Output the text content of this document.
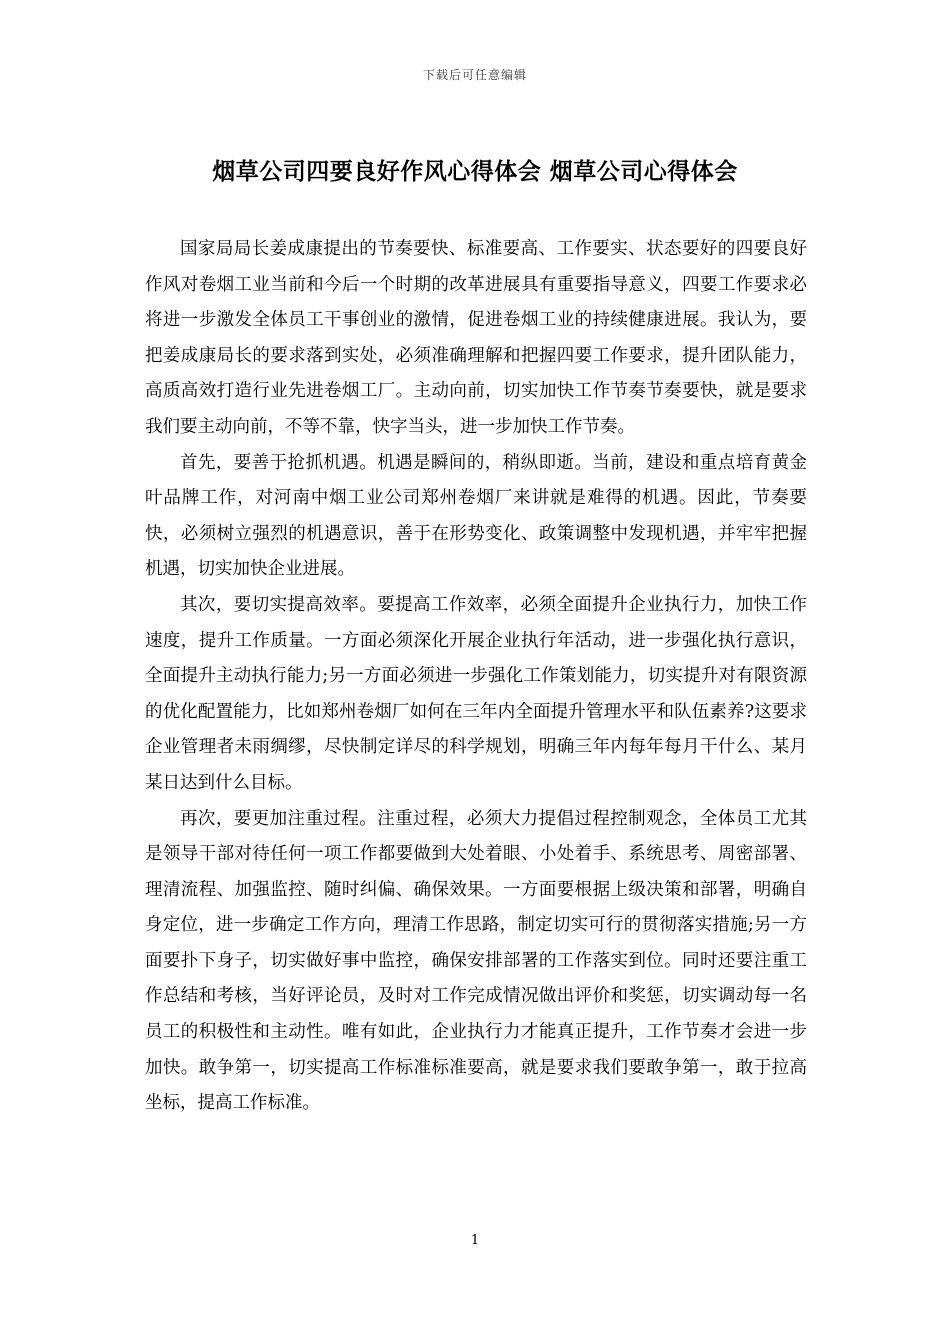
下载后可任意编辑
烟草公司四要良好作风心得体会 烟草公司心得体会

国家局局长姜成康提出的节奏要快、标准要高、工作要实、状态要好的四要良好作风对卷烟工业当前和今后一个时期的改革进展具有重要指导意义，四要工作要求必将进一步激发全体员工干事创业的激情，促进卷烟工业的持续健康进展。我认为，要把姜成康局长的要求落到实处，必须准确理解和把握四要工作要求，提升团队能力，高质高效打造行业先进卷烟工厂。主动向前，切实加快工作节奏节奏要快，就是要求我们要主动向前，不等不靠，快字当头，进一步加快工作节奏。

首先，要善于抢抓机遇。机遇是瞬间的，稍纵即逝。当前，建设和重点培育黄金叶品牌工作，对河南中烟工业公司郑州卷烟厂来讲就是难得的机遇。因此，节奏要快，必须树立强烈的机遇意识，善于在形势变化、政策调整中发现机遇，并牢牢把握机遇，切实加快企业进展。

其次，要切实提高效率。要提高工作效率，必须全面提升企业执行力，加快工作速度，提升工作质量。一方面必须深化开展企业执行年活动，进一步强化执行意识，全面提升主动执行能力;另一方面必须进一步强化工作策划能力，切实提升对有限资源的优化配置能力，比如郑州卷烟厂如何在三年内全面提升管理水平和队伍素养?这要求企业管理者未雨绸缪，尽快制定详尽的科学规划，明确三年内每年每月干什么、某月某日达到什么目标。

再次，要更加注重过程。注重过程，必须大力提倡过程控制观念，全体员工尤其是领导干部对待任何一项工作都要做到大处着眼、小处着手、系统思考、周密部署、理清流程、加强监控、随时纠偏、确保效果。一方面要根据上级决策和部署，明确自身定位，进一步确定工作方向，理清工作思路，制定切实可行的贯彻落实措施;另一方面要扑下身子，切实做好事中监控，确保安排部署的工作落实到位。同时还要注重工作总结和考核，当好评论员，及时对工作完成情况做出评价和奖惩，切实调动每一名员工的积极性和主动性。唯有如此，企业执行力才能真正提升，工作节奏才会进一步加快。敢争第一，切实提高工作标准标准要高，就是要求我们要敢争第一，敢于拉高坐标，提高工作标准。

1
